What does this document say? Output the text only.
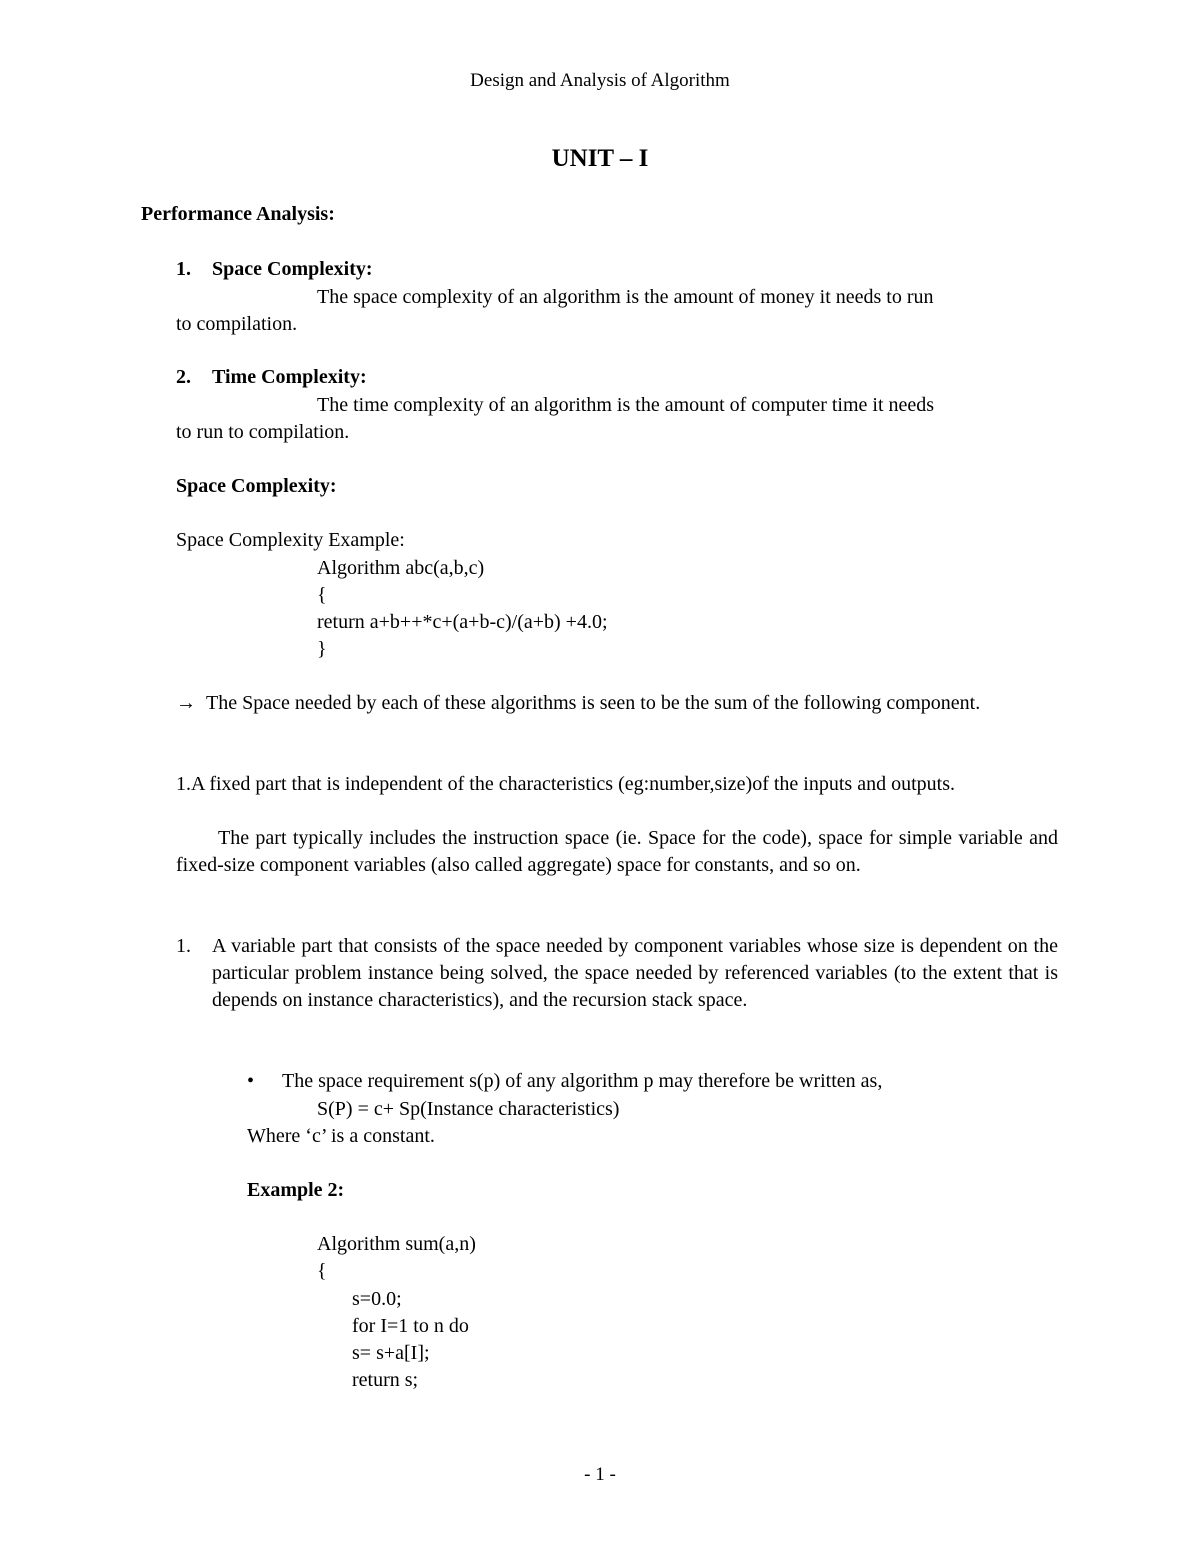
Design and Analysis of Algorithm
UNIT – I
Performance Analysis:
1. Space Complexity:
The space complexity of an algorithm is the amount of money it needs to run
to compilation.
2. Time Complexity:
The time complexity of an algorithm is the amount of computer time it needs
to run to compilation.
Space Complexity:
Space Complexity Example:
Algorithm abc(a,b,c)
{
return a+b++*c+(a+b-c)/(a+b) +4.0;
}
→ The Space needed by each of these algorithms is seen to be the sum of the following component.
1.A fixed part that is independent of the characteristics (eg:number,size)of the inputs and outputs.
The part typically includes the instruction space (ie. Space for the code), space for simple variable and fixed-size component variables (also called aggregate) space for constants, and so on.
1. A variable part that consists of the space needed by component variables whose size is dependent on the particular problem instance being solved, the space needed by referenced variables (to the extent that is depends on instance characteristics), and the recursion stack space.
• The space requirement s(p) of any algorithm p may therefore be written as,
S(P) = c+ Sp(Instance characteristics)
Where ‘c’ is a constant.
Example 2:
Algorithm sum(a,n)
{
s=0.0;
for I=1 to n do
s= s+a[I];
return s;
- 1 -
